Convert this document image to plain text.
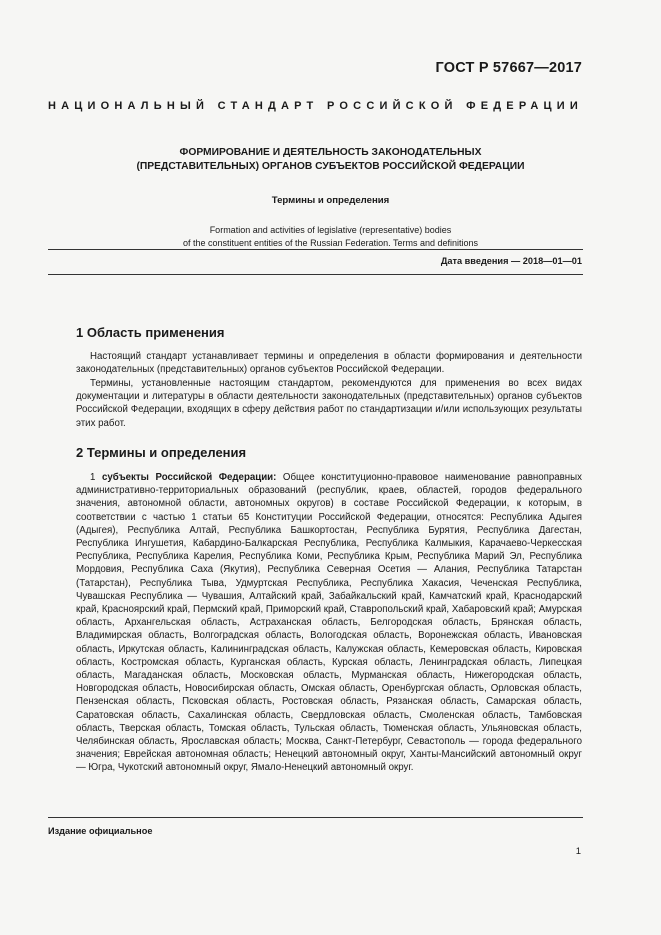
ГОСТ Р 57667—2017
НАЦИОНАЛЬНЫЙ СТАНДАРТ РОССИЙСКОЙ ФЕДЕРАЦИИ

ФОРМИРОВАНИЕ И ДЕЯТЕЛЬНОСТЬ ЗАКОНОДАТЕЛЬНЫХ
(ПРЕДСТАВИТЕЛЬНЫХ) ОРГАНОВ СУБЪЕКТОВ РОССИЙСКОЙ ФЕДЕРАЦИИ

Термины и определения
Formation and activities of legislative (representative) bodies
of the constituent entities of the Russian Federation. Terms and definitions
Дата введения — 2018—01—01
1 Область применения

Настоящий стандарт устанавливает термины и определения в области формирования и деятельности законодательных (представительных) органов субъектов Российской Федерации.

Термины, установленные настоящим стандартом, рекомендуются для применения во всех видах документации и литературы в области деятельности законодательных (представительных) органов субъектов Российской Федерации, входящих в сферу действия работ по стандартизации и/или использующих результаты этих работ.

2 Термины и определения

1 субъекты Российской Федерации: Общее конституционно-правовое наименование равноправных административно-территориальных образований (республик, краев, областей, городов федерального значения, автономной области, автономных округов) в составе Российской Федерации, к которым, в соответствии с частью 1 статьи 65 Конституции Российской Федерации, относятся: Республика Адыгея (Адыгея), Республика Алтай, Республика Башкортостан, Республика Бурятия, Республика Дагестан, Республика Ингушетия, Кабардино-Балкарская Республика, Республика Калмыкия, Карачаево-Черкесская Республика, Республика Карелия, Республика Коми, Республика Крым, Республика Марий Эл, Республика Мордовия, Республика Саха (Якутия), Республика Северная Осетия — Алания, Республика Татарстан (Татарстан), Республика Тыва, Удмуртская Республика, Республика Хакасия, Чеченская Республика, Чувашская Республика — Чувашия, Алтайский край, Забайкальский край, Камчатский край, Краснодарский край, Красноярский край, Пермский край, Приморский край, Ставропольский край, Хабаровский край; Амурская область, Архангельская область, Астраханская область, Белгородская область, Брянская область, Владимирская область, Волгоградская область, Вологодская область, Воронежская область, Ивановская область, Иркутская область, Калининградская область, Калужская область, Кемеровская область, Кировская область, Костромская область, Курганская область, Курская область, Ленинградская область, Липецкая область, Магаданская область, Московская область, Мурманская область, Нижегородская область, Новгородская область, Новосибирская область, Омская область, Оренбургская область, Орловская область, Пензенская область, Псковская область, Ростовская область, Рязанская область, Самарская область, Саратовская область, Сахалинская область, Свердловская область, Смоленская область, Тамбовская область, Тверская область, Томская область, Тульская область, Тюменская область, Ульяновская область, Челябинская область, Ярославская область; Москва, Санкт-Петербург, Севастополь — города федерального значения; Еврейская автономная область; Ненецкий автономный округ, Ханты-Мансийский автономный округ — Югра, Чукотский автономный округ, Ямало-Ненецкий автономный округ.

Издание официальное
1
